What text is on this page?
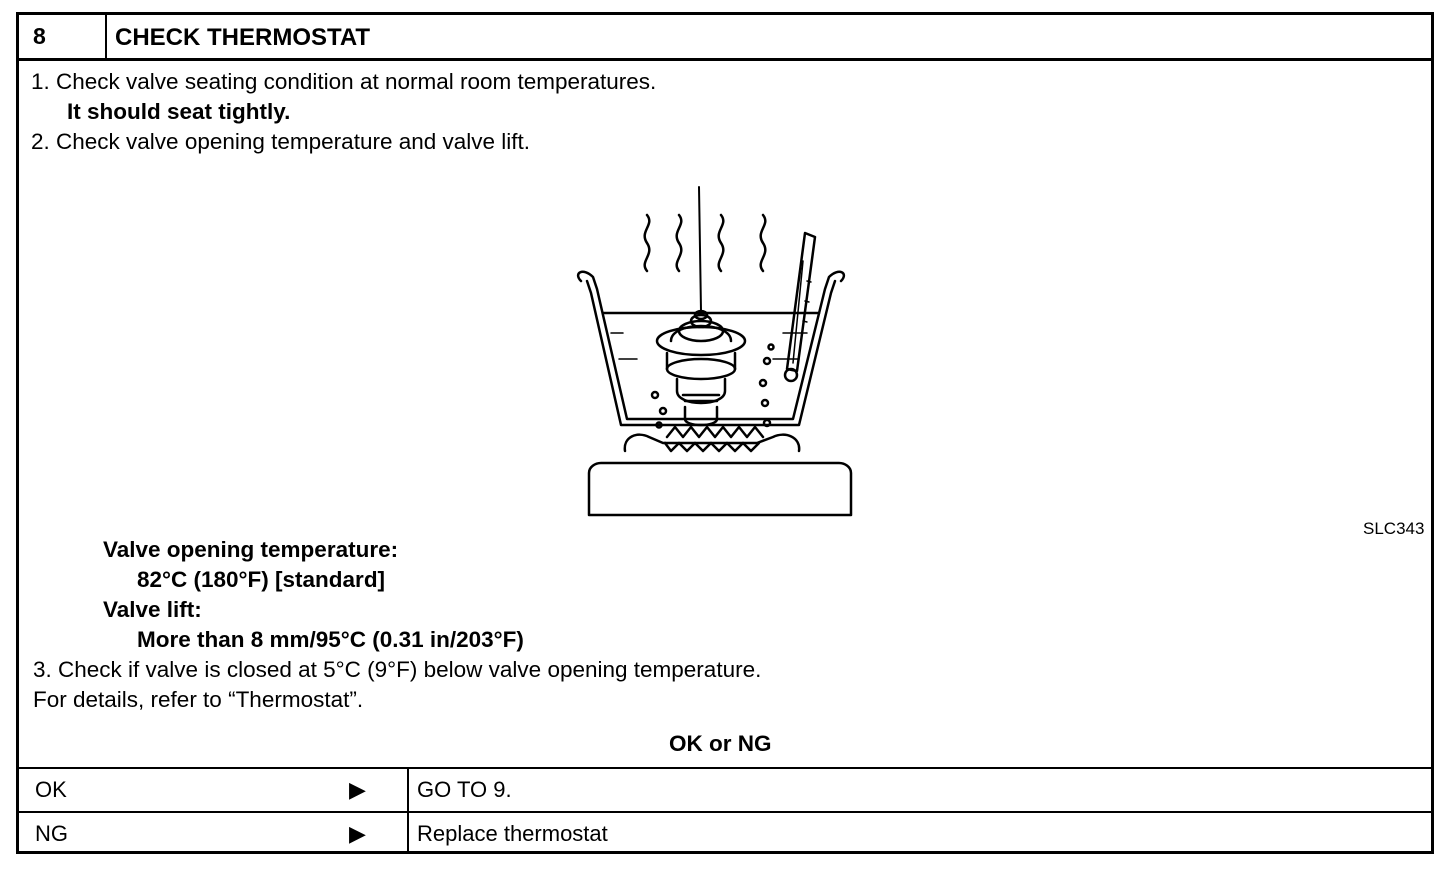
8	CHECK THERMOSTAT
1. Check valve seating condition at normal room temperatures.
It should seat tightly.
2. Check valve opening temperature and valve lift.
SLC343
Valve opening temperature:
82°C (180°F) [standard]
Valve lift:
More than 8 mm/95°C (0.31 in/203°F)
3. Check if valve is closed at 5°C (9°F) below valve opening temperature.
For details, refer to “Thermostat”.
OK or NG
OK	▶ GO TO 9.
NG	▶ Replace thermostat
